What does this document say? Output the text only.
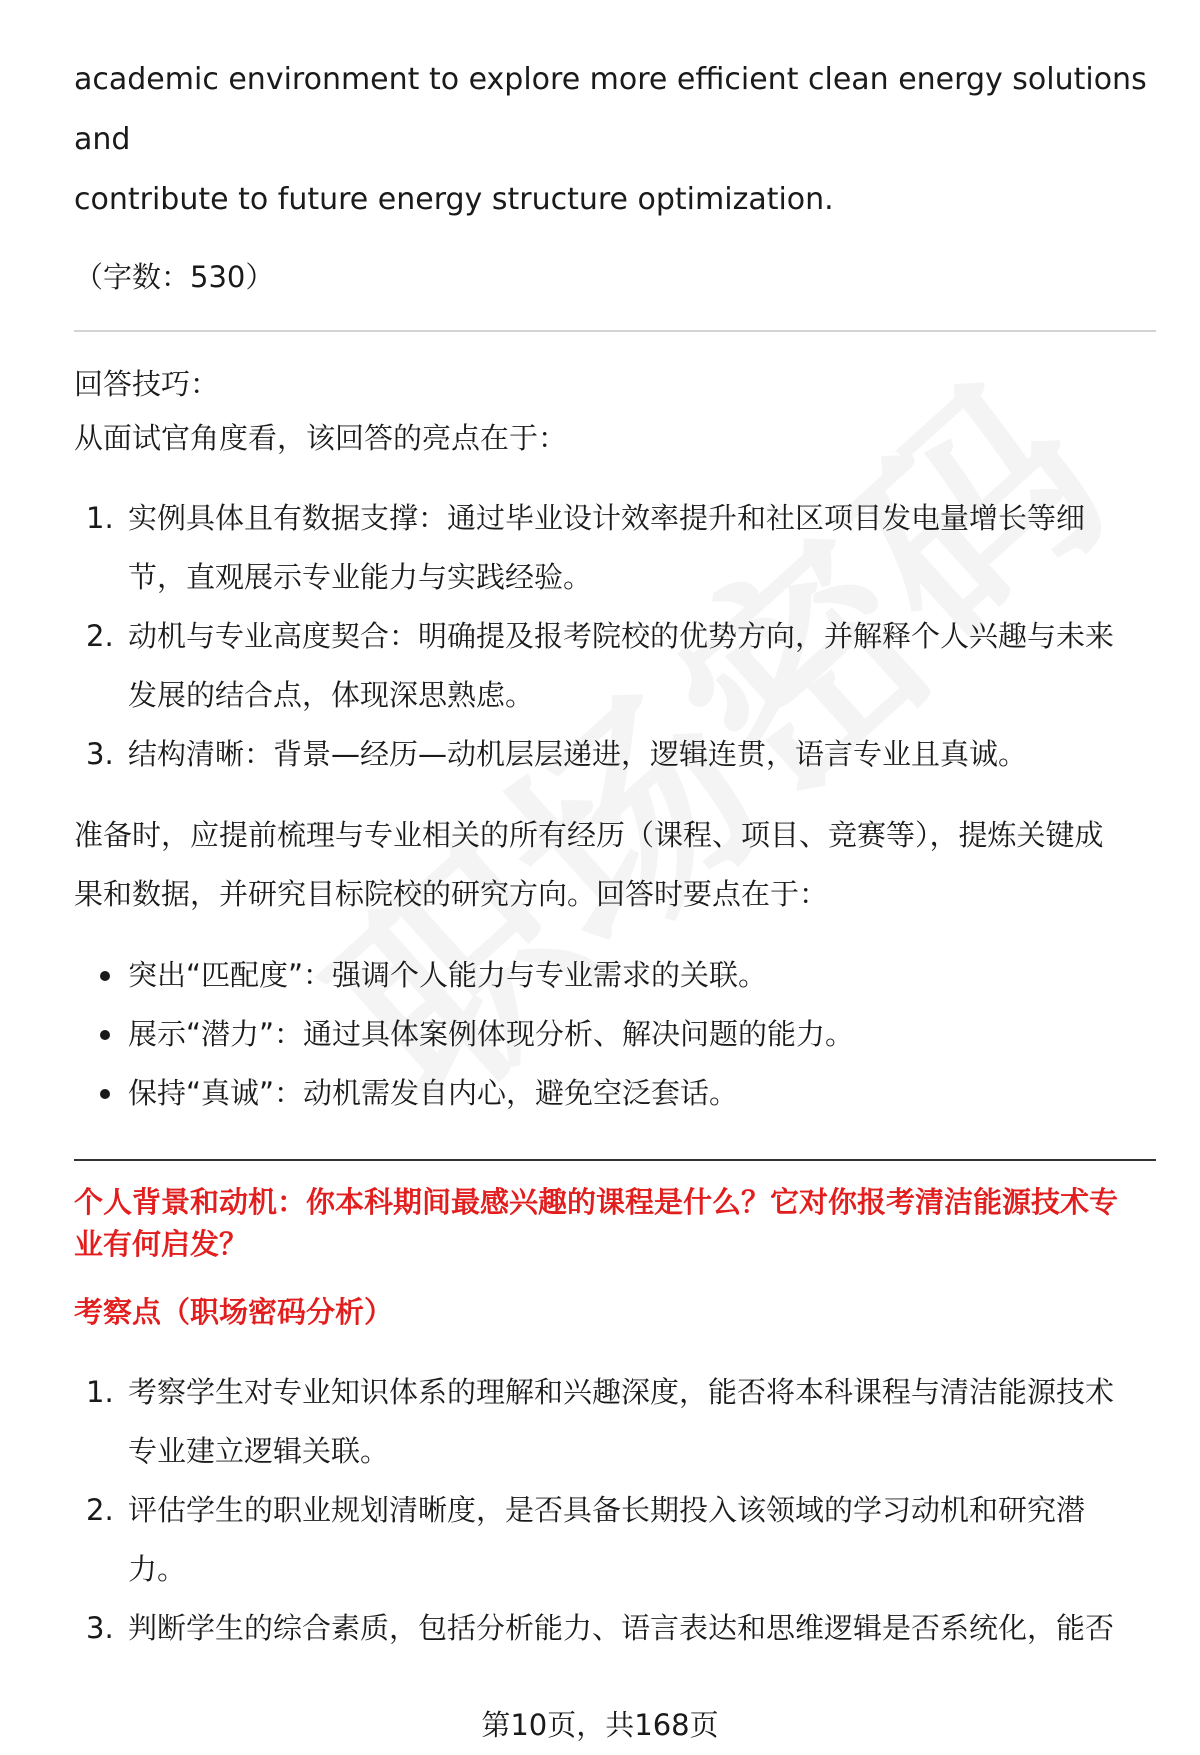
academic environment to explore more efficient clean energy solutions and

contribute to future energy structure optimization.

（字数：530）

回答技巧：

从面试官角度看，该回答的亮点在于：

1. 实例具体且有数据支撑：通过毕业设计效率提升和社区项目发电量增长等细
节，直观展示专业能力与实践经验。
2. 动机与专业高度契合：明确提及报考院校的优势方向，并解释个人兴趣与未来
发展的结合点，体现深思熟虑。
3. 结构清晰：背景—经历—动机层层递进，逻辑连贯，语言专业且真诚。

准备时，应提前梳理与专业相关的所有经历（课程、项目、竞赛等），提炼关键成

果和数据，并研究目标院校的研究方向。回答时要点在于：

突出“匹配度”：强调个人能力与专业需求的关联。
展示“潜力”：通过具体案例体现分析、解决问题的能力。
保持“真诚”：动机需发自内心，避免空泛套话。

个人背景和动机：你本科期间最感兴趣的课程是什么？它对你报考清洁能源技术专

业有何启发？

考察点（职场密码分析）

1. 考察学生对专业知识体系的理解和兴趣深度，能否将本科课程与清洁能源技术
专业建立逻辑关联。
2. 评估学生的职业规划清晰度，是否具备长期投入该领域的学习动机和研究潜
力。
3. 判断学生的综合素质，包括分析能力、语言表达和思维逻辑是否系统化，能否
第10页，共168页
